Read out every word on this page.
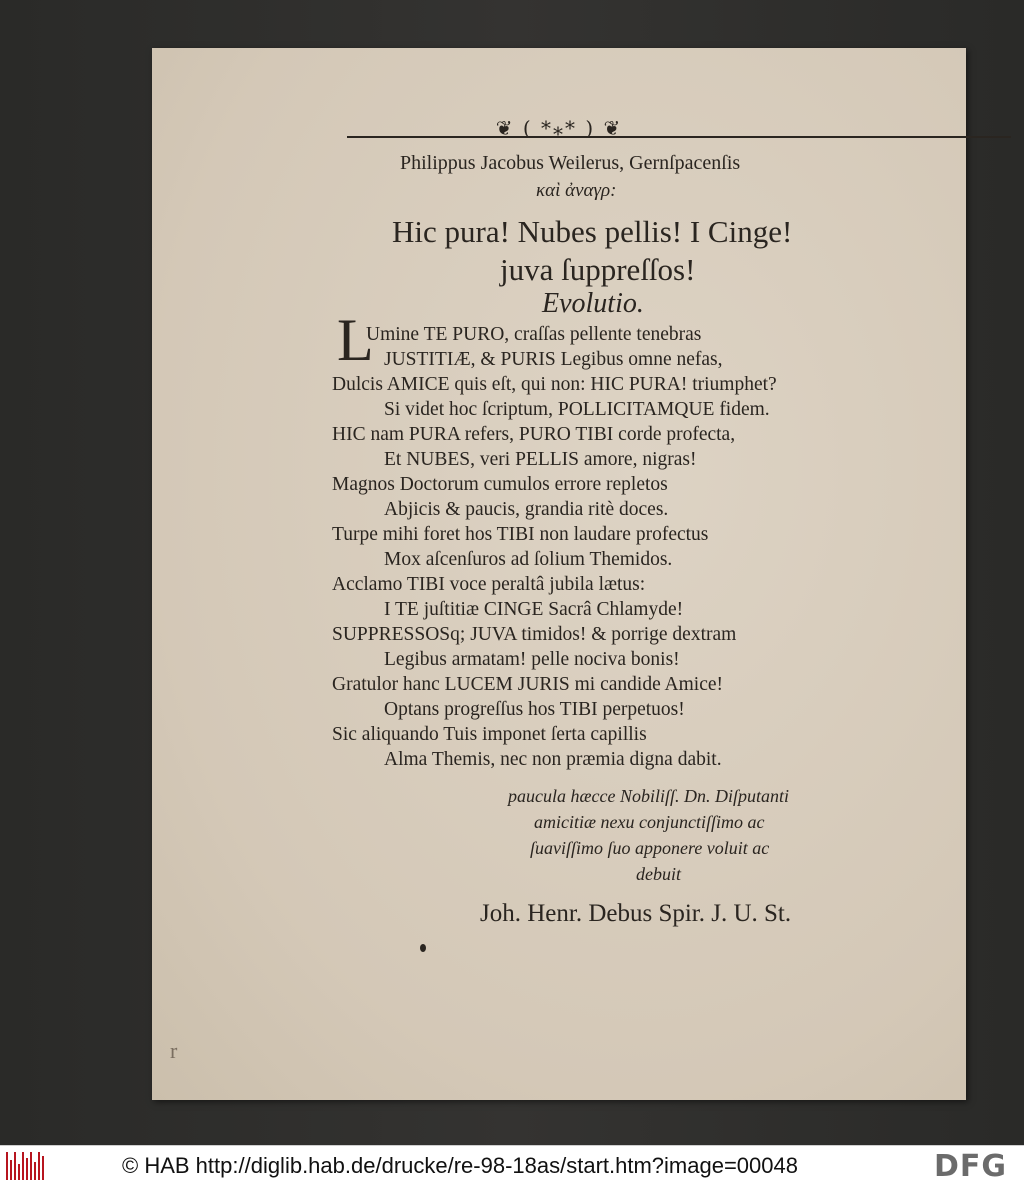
❦ ( *⁎* ) ❦
Philippus Jacobus Weilerus, Gernſpacenſis
καὶ ἀναγρ:
Hic pura! Nubes pellis! I Cinge!
juva ſuppreſſos!
Evolutio.
L
Umine TE PURO, craſſas pellente tenebras
JUSTITIÆ, & PURIS Legibus omne nefas,
Dulcis AMICE quis eſt, qui non: HIC PURA! triumphet?
Si videt hoc ſcriptum, POLLICITAMQUE fidem.
HIC nam PURA refers, PURO TIBI corde profecta,
Et NUBES, veri PELLIS amore, nigras!
Magnos Doctorum cumulos errore repletos
Abjicis & paucis, grandia ritè doces.
Turpe mihi foret hos TIBI non laudare profectus
Mox aſcenſuros ad ſolium Themidos.
Acclamo TIBI voce peraltâ jubila lætus:
I TE juſtitiæ CINGE Sacrâ Chlamyde!
SUPPRESSOSq; JUVA timidos! & porrige dextram
Legibus armatam! pelle nociva bonis!
Gratulor hanc LUCEM JURIS mi candide Amice!
Optans progreſſus hos TIBI perpetuos!
Sic aliquando Tuis imponet ſerta capillis
Alma Themis, nec non præmia digna dabit.
paucula hæcce Nobiliſſ. Dn. Diſputanti
amicitiæ nexu conjunctiſſimo ac
ſuaviſſimo ſuo apponere voluit ac
debuit
Joh. Henr. Debus Spir. J. U. St.
r
© HAB http://diglib.hab.de/drucke/re-98-18as/start.htm?image=00048	DFG
